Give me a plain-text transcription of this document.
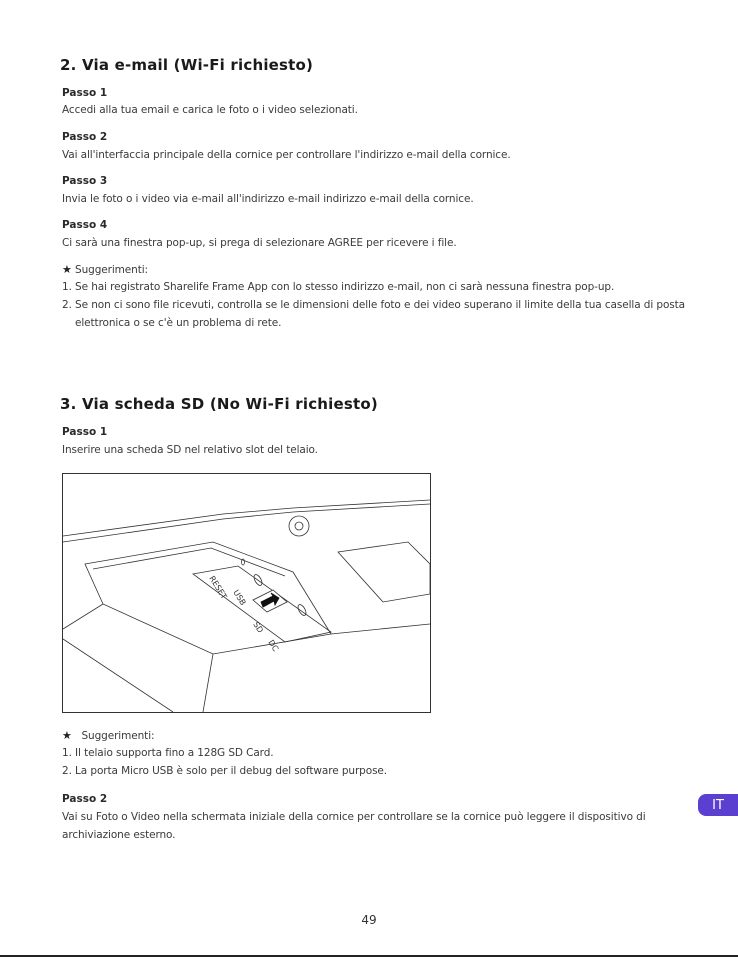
2. Via e-mail (Wi-Fi richiesto)
Passo 1
Accedi alla tua email e carica le foto o i video selezionati.
Passo 2
Vai all'interfaccia principale della cornice per controllare l'indirizzo e-mail della cornice.
Passo 3
Invia le foto o i video via e-mail all'indirizzo e-mail indirizzo e-mail della cornice.
Passo 4
Ci sarà una finestra pop-up, si prega di selezionare AGREE per ricevere i file.
★ Suggerimenti:
1. Se hai registrato Sharelife Frame App con lo stesso indirizzo e-mail, non ci sarà nessuna finestra pop-up.
2. Se non ci sono file ricevuti, controlla se le dimensioni delle foto e dei video superano il limite della tua casella di posta
elettronica o se c'è un problema di rete.
3. Via scheda SD (No Wi-Fi richiesto)
Passo 1
Inserire una scheda SD nel relativo slot del telaio.
RESET USB
SD
DC
★ Suggerimenti:
1. Il telaio supporta fino a 128G SD Card.
2. La porta Micro USB è solo per il debug del software purpose.
Passo 2
Vai su Foto o Video nella schermata iniziale della cornice per controllare se la cornice può leggere il dispositivo di
archiviazione esterno.
IT
49
